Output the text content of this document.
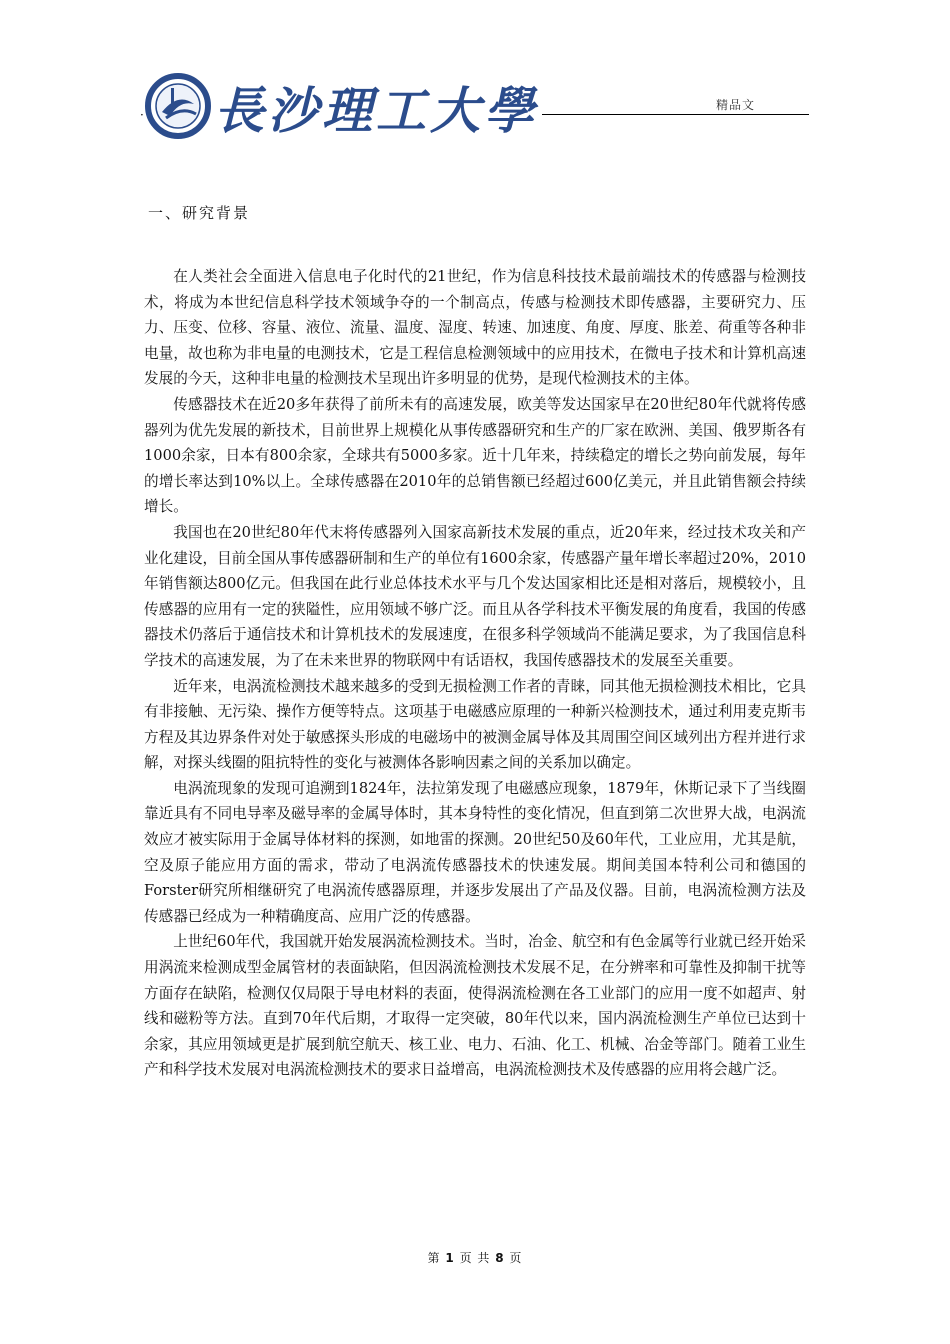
· 長沙理工大學	精品文
一、研究背景

在人类社会全面进入信息电子化时代的21世纪，作为信息科技技术最前端技术的传感器与检测技术，将成为本世纪信息科学技术领域争夺的一个制高点，传感与检测技术即传感器，主要研究力、压力、压变、位移、容量、液位、流量、温度、湿度、转速、加速度、角度、厚度、胀差、荷重等各种非电量，故也称为非电量的电测技术，它是工程信息检测领域中的应用技术，在微电子技术和计算机高速发展的今天，这种非电量的检测技术呈现出许多明显的优势，是现代检测技术的主体。

传感器技术在近20多年获得了前所未有的高速发展，欧美等发达国家早在20世纪80年代就将传感器列为优先发展的新技术，目前世界上规模化从事传感器研究和生产的厂家在欧洲、美国、俄罗斯各有1000余家，日本有800余家，全球共有5000多家。近十几年来，持续稳定的增长之势向前发展，每年的增长率达到10%以上。全球传感器在2010年的总销售额已经超过600亿美元，并且此销售额会持续增长。

我国也在20世纪80年代末将传感器列入国家高新技术发展的重点，近20年来，经过技术攻关和产业化建设，目前全国从事传感器研制和生产的单位有1600余家，传感器产量年增长率超过20%，2010年销售额达800亿元。但我国在此行业总体技术水平与几个发达国家相比还是相对落后，规模较小，且传感器的应用有一定的狭隘性，应用领域不够广泛。而且从各学科技术平衡发展的角度看，我国的传感器技术仍落后于通信技术和计算机技术的发展速度，在很多科学领域尚不能满足要求，为了我国信息科学技术的高速发展，为了在未来世界的物联网中有话语权，我国传感器技术的发展至关重要。

近年来，电涡流检测技术越来越多的受到无损检测工作者的青睐，同其他无损检测技术相比，它具有非接触、无污染、操作方便等特点。这项基于电磁感应原理的一种新兴检测技术，通过利用麦克斯韦方程及其边界条件对处于敏感探头形成的电磁场中的被测金属导体及其周围空间区域列出方程并进行求解，对探头线圈的阻抗特性的变化与被测体各影响因素之间的关系加以确定。

电涡流现象的发现可追溯到1824年，法拉第发现了电磁感应现象，1879年，休斯记录下了当线圈靠近具有不同电导率及磁导率的金属导体时，其本身特性的变化情况，但直到第二次世界大战，电涡流效应才被实际用于金属导体材料的探测，如地雷的探测。20世纪50及60年代，工业应用，尤其是航，空及原子能应用方面的需求，带动了电涡流传感器技术的快速发展。期间美国本特利公司和德国的Forster研究所相继研究了电涡流传感器原理，并逐步发展出了产品及仪器。目前，电涡流检测方法及传感器已经成为一种精确度高、应用广泛的传感器。

上世纪60年代，我国就开始发展涡流检测技术。当时，冶金、航空和有色金属等行业就已经开始采用涡流来检测成型金属管材的表面缺陷，但因涡流检测技术发展不足，在分辨率和可靠性及抑制干扰等方面存在缺陷，检测仅仅局限于导电材料的表面，使得涡流检测在各工业部门的应用一度不如超声、射线和磁粉等方法。直到70年代后期，才取得一定突破，80年代以来，国内涡流检测生产单位已达到十余家，其应用领域更是扩展到航空航天、核工业、电力、石油、化工、机械、冶金等部门。随着工业生产和科学技术发展对电涡流检测技术的要求日益增高，电涡流检测技术及传感器的应用将会越广泛。

第 1 页 共 8 页
